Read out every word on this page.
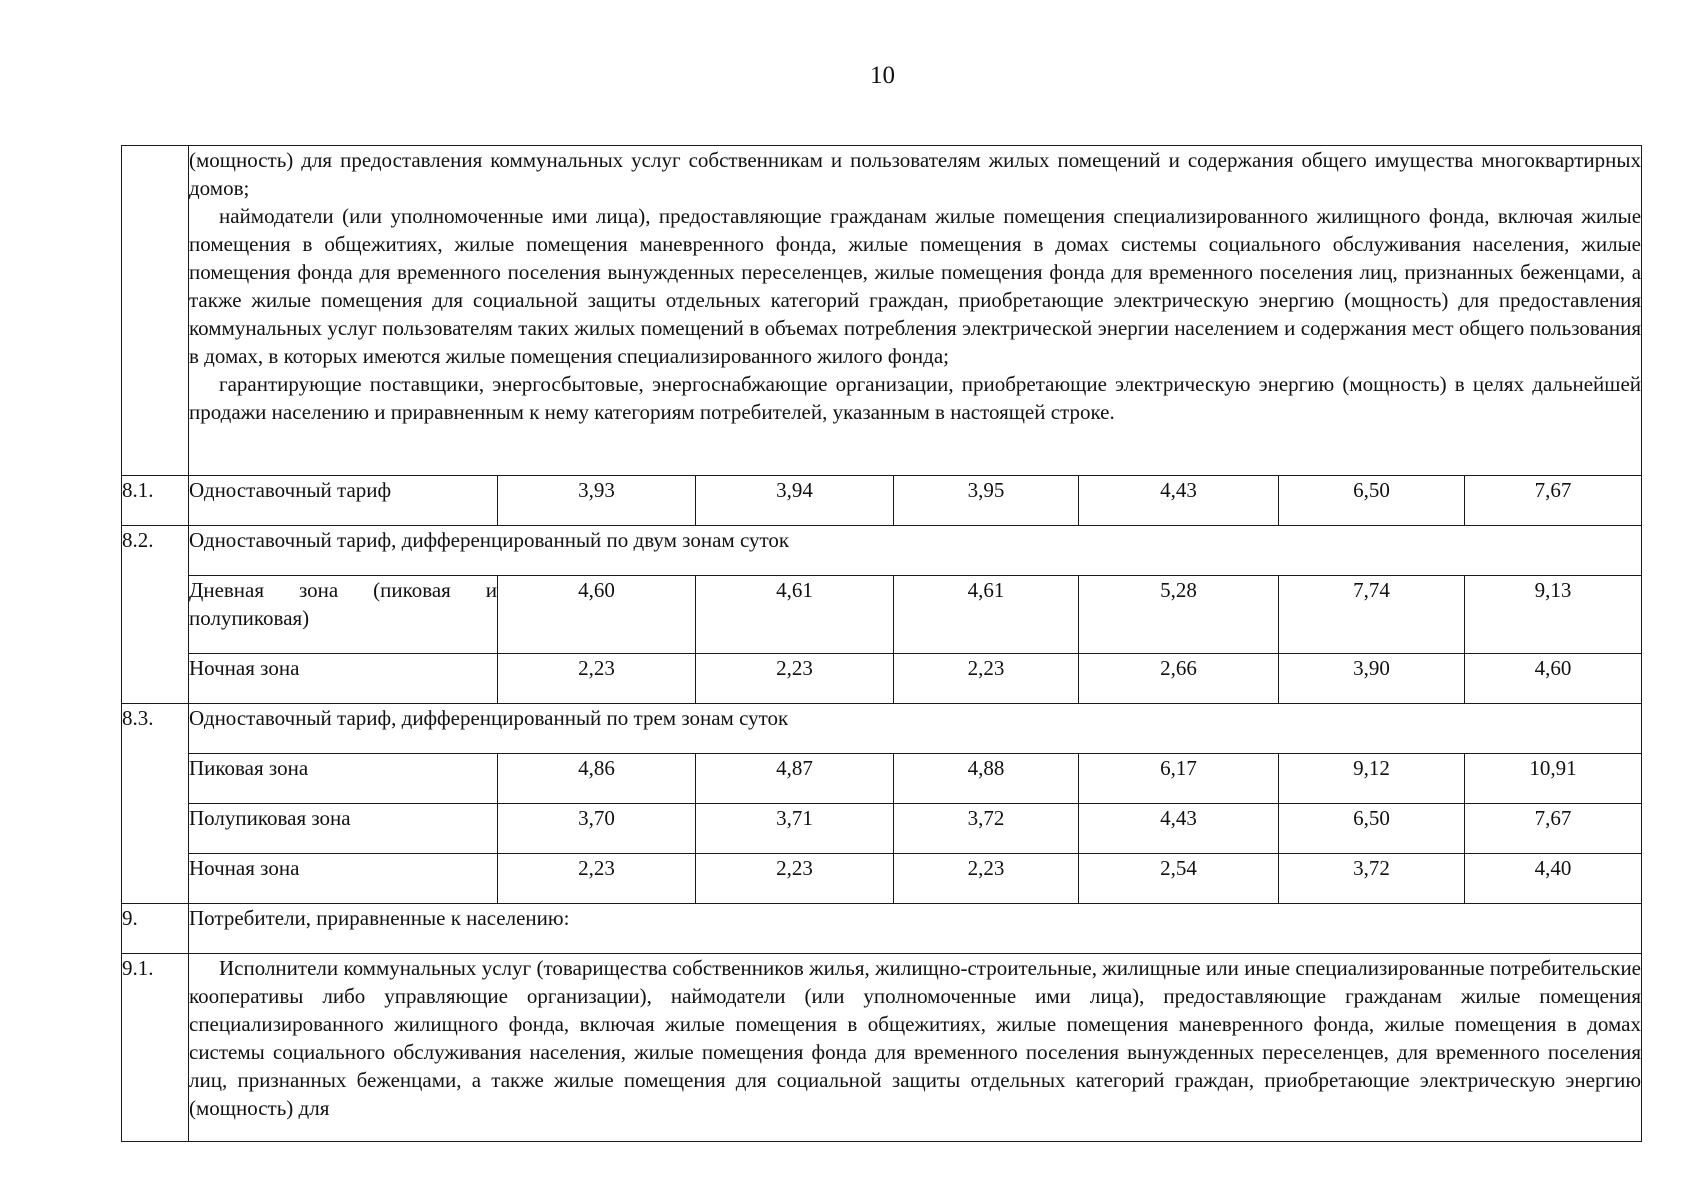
10

	(мощность) для предоставления коммунальных услуг собственникам и пользователям жилых помещений и содержания общего имущества многоквартирных домов;

наймодатели (или уполномоченные ими лица), предоставляющие гражданам жилые помещения специализированного жилищного фонда, включая жилые помещения в общежитиях, жилые помещения маневренного фонда, жилые помещения в домах системы социального обслуживания населения, жилые помещения фонда для временного поселения вынужденных переселенцев, жилые помещения фонда для временного поселения лиц, признанных беженцами, а также жилые помещения для социальной защиты отдельных категорий граждан, приобретающие электрическую энергию (мощность) для предоставления коммунальных услуг пользователям таких жилых помещений в объемах потребления электрической энергии населением и содержания мест общего пользования в домах, в которых имеются жилые помещения специализированного жилого фонда;

гарантирующие поставщики, энергосбытовые, энергоснабжающие организации, приобретающие электрическую энергию (мощность) в целях дальнейшей продажи населению и приравненным к нему категориям потребителей, указанным в настоящей строке.						

8.1.	Одноставочный тариф	3,93	3,94	3,95	4,43	6,50	7,67
8.2.	Одноставочный тариф, дифференцированный по двум зонам суток						
	Дневная зона (пиковая и полупиковая)	4,60	4,61	4,61	5,28	7,74	9,13
	Ночная зона	2,23	2,23	2,23	2,66	3,90	4,60
8.3.	Одноставочный тариф, дифференцированный по трем зонам суток						
	Пиковая зона	4,86	4,87	4,88	6,17	9,12	10,91
	Полупиковая зона	3,70	3,71	3,72	4,43	6,50	7,67
	Ночная зона	2,23	2,23	2,23	2,54	3,72	4,40
9.	Потребители, приравненные к населению:						
9.1.	Исполнители коммунальных услуг (товарищества собственников жилья, жилищно-строительные, жилищные или иные специализированные потребительские кооперативы либо управляющие организации), наймодатели (или уполномоченные ими лица), предоставляющие гражданам жилые помещения специализированного жилищного фонда, включая жилые помещения в общежитиях, жилые помещения маневренного фонда, жилые помещения в домах системы социального обслуживания населения, жилые помещения фонда для временного поселения вынужденных переселенцев, для временного поселения лиц, признанных беженцами, а также жилые помещения для социальной защиты отдельных категорий граждан, приобретающие электрическую энергию (мощность) для						
